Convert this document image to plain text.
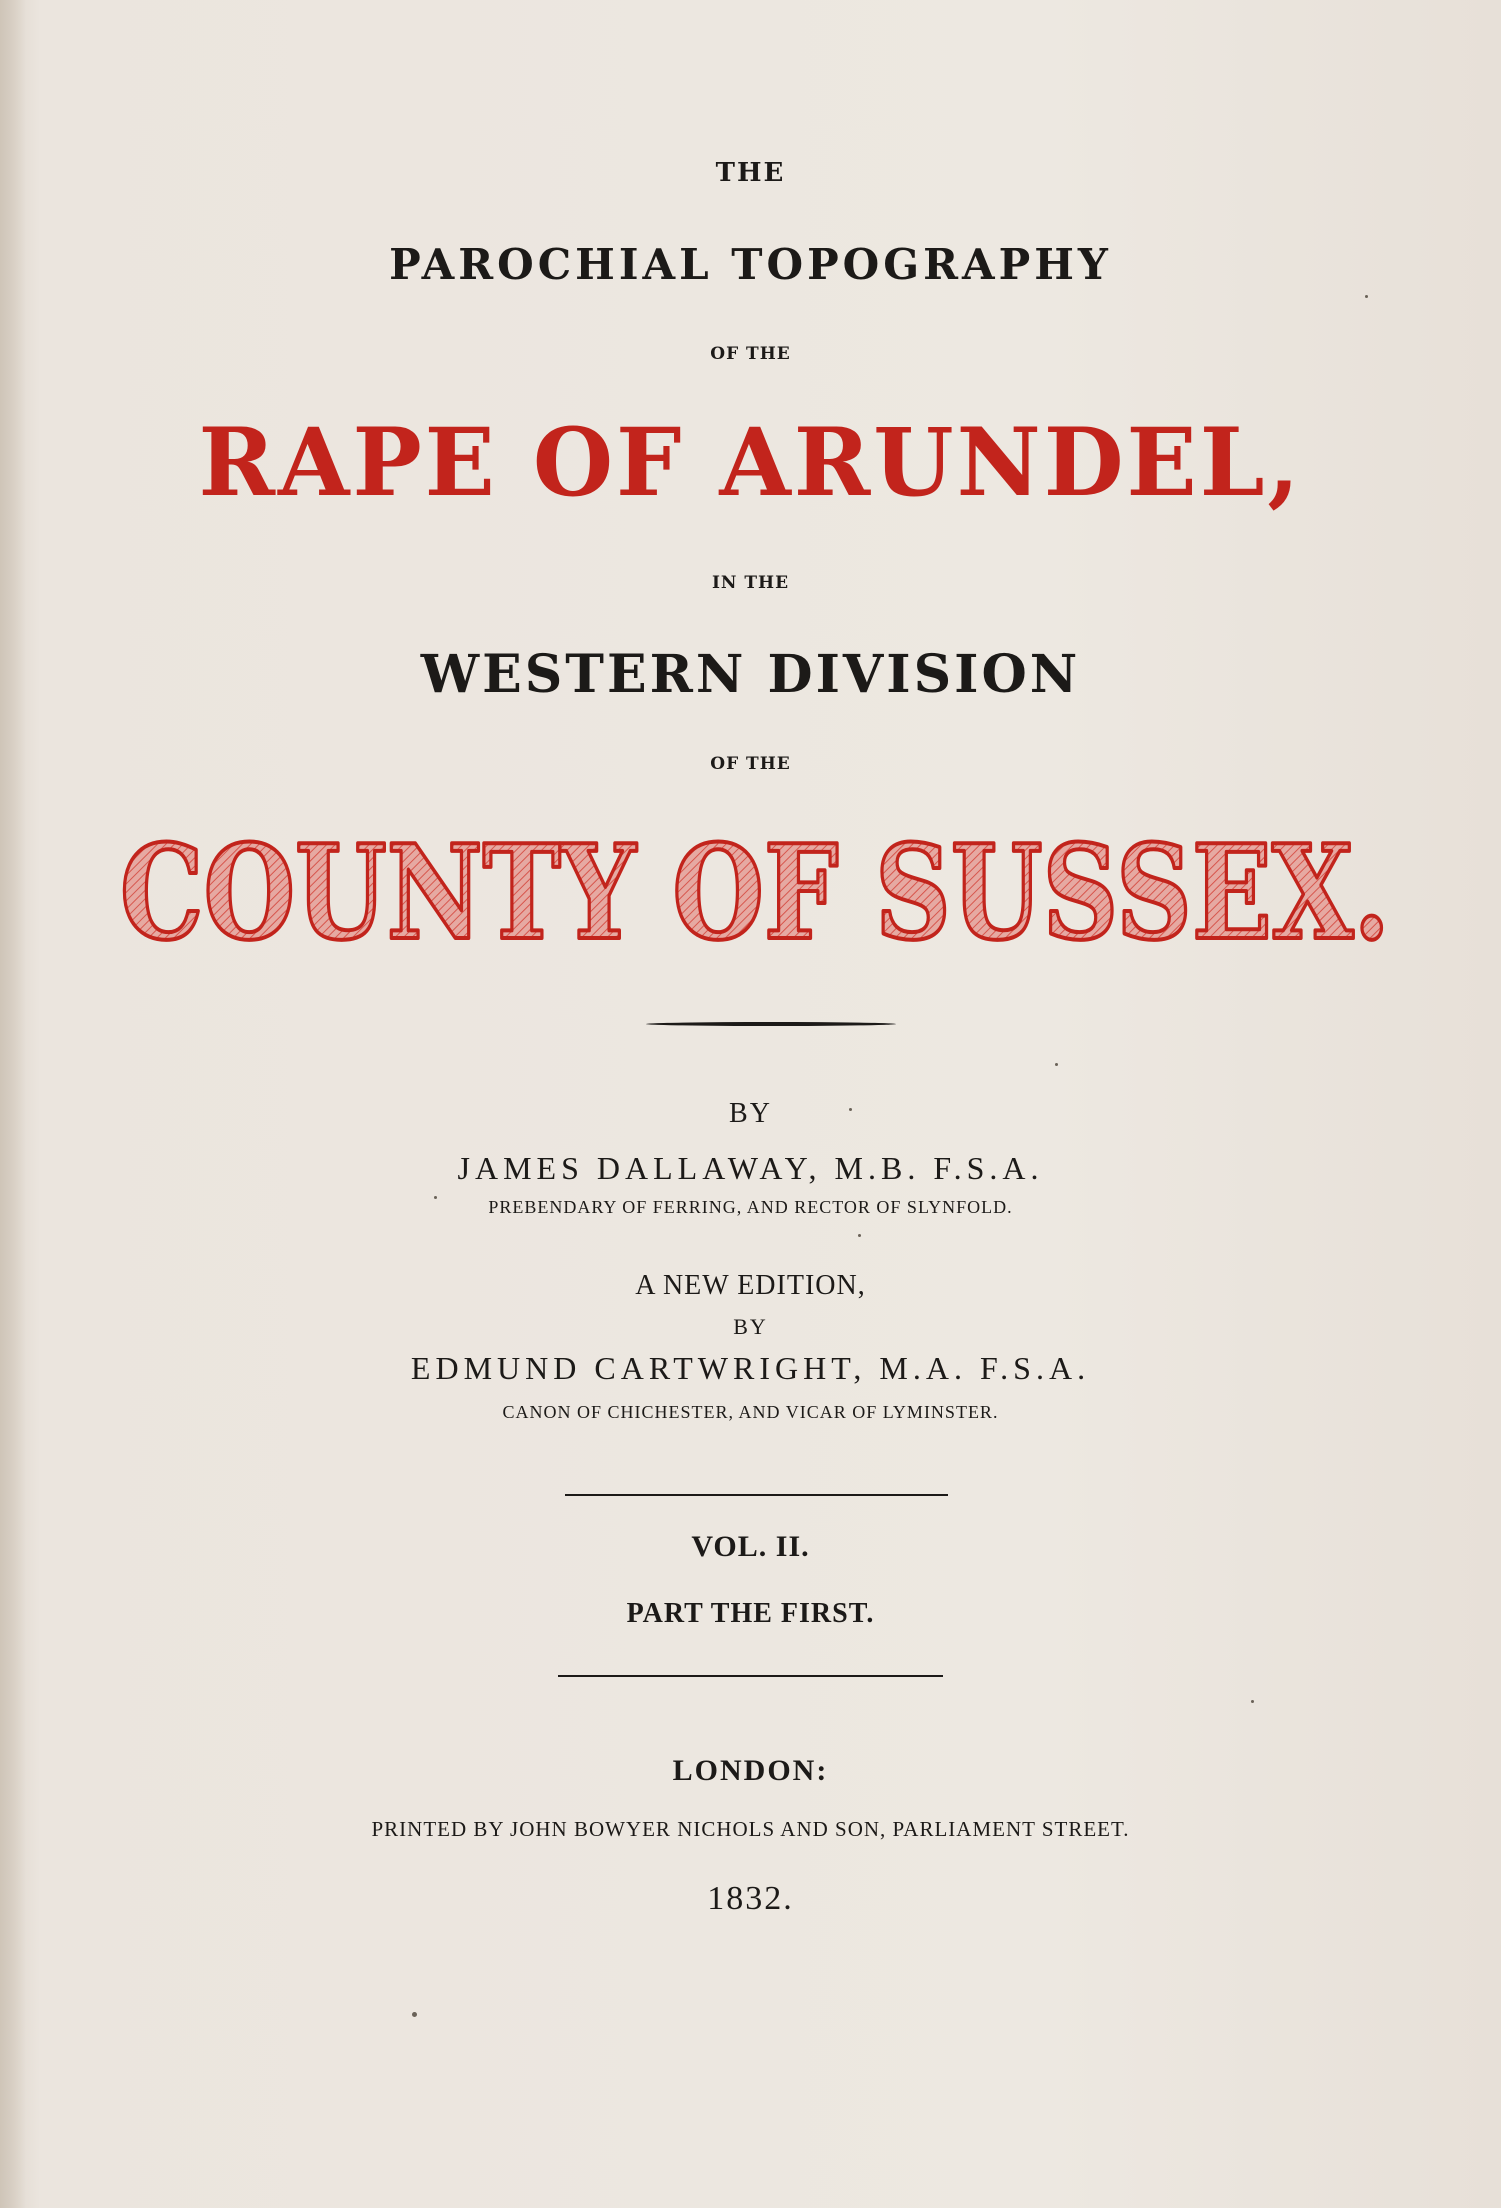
THE
PAROCHIAL TOPOGRAPHY
OF THE
RAPE OF ARUNDEL,
IN THE
WESTERN DIVISION
OF THE
COUNTY OF SUSSEX.
BY
JAMES DALLAWAY, M.B. F.S.A.
PREBENDARY OF FERRING, AND RECTOR OF SLYNFOLD.
A NEW EDITION,
BY
EDMUND CARTWRIGHT, M.A. F.S.A.
CANON OF CHICHESTER, AND VICAR OF LYMINSTER.
VOL. II.
PART THE FIRST.
LONDON:
PRINTED BY JOHN BOWYER NICHOLS AND SON, PARLIAMENT STREET.
1832.
